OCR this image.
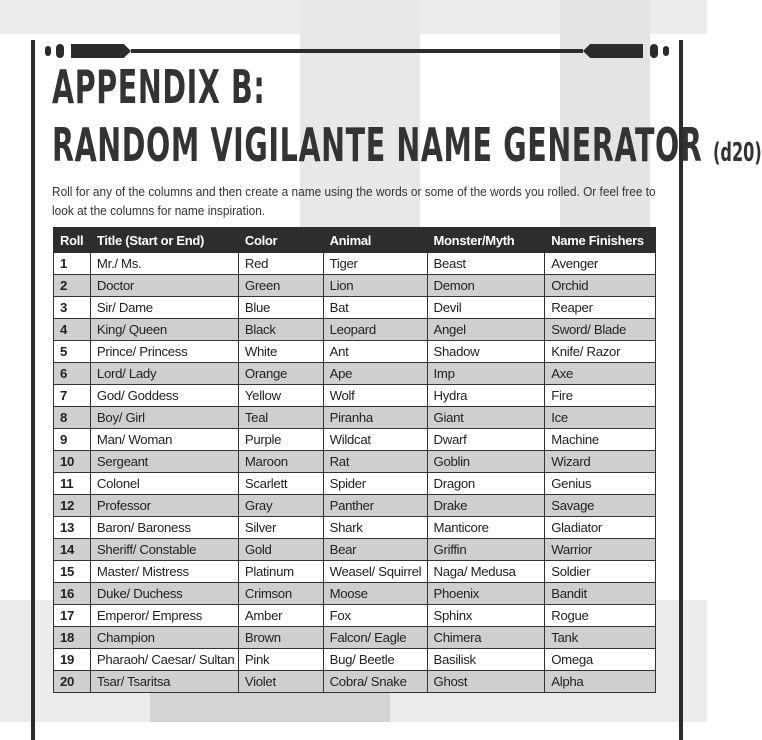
APPENDIX B:
RANDOM VIGILANTE NAME GENERATOR (d20)
Roll for any of the columns and then create a name using the words or some of the words you rolled. Or feel free to look at the columns for name inspiration.
Roll	Title (Start or End)	Color	Animal	Monster/Myth	Name Finishers
1	Mr./ Ms.	Red	Tiger	Beast	Avenger
2	Doctor	Green	Lion	Demon	Orchid
3	Sir/ Dame	Blue	Bat	Devil	Reaper
4	King/ Queen	Black	Leopard	Angel	Sword/ Blade
5	Prince/ Princess	White	Ant	Shadow	Knife/ Razor
6	Lord/ Lady	Orange	Ape	Imp	Axe
7	God/ Goddess	Yellow	Wolf	Hydra	Fire
8	Boy/ Girl	Teal	Piranha	Giant	Ice
9	Man/ Woman	Purple	Wildcat	Dwarf	Machine
10	Sergeant	Maroon	Rat	Goblin	Wizard
11	Colonel	Scarlett	Spider	Dragon	Genius
12	Professor	Gray	Panther	Drake	Savage
13	Baron/ Baroness	Silver	Shark	Manticore	Gladiator
14	Sheriff/ Constable	Gold	Bear	Griffin	Warrior
15	Master/ Mistress	Platinum	Weasel/ Squirrel	Naga/ Medusa	Soldier
16	Duke/ Duchess	Crimson	Moose	Phoenix	Bandit
17	Emperor/ Empress	Amber	Fox	Sphinx	Rogue
18	Champion	Brown	Falcon/ Eagle	Chimera	Tank
19	Pharaoh/ Caesar/ Sultan	Pink	Bug/ Beetle	Basilisk	Omega
20	Tsar/ Tsaritsa	Violet	Cobra/ Snake	Ghost	Alpha
